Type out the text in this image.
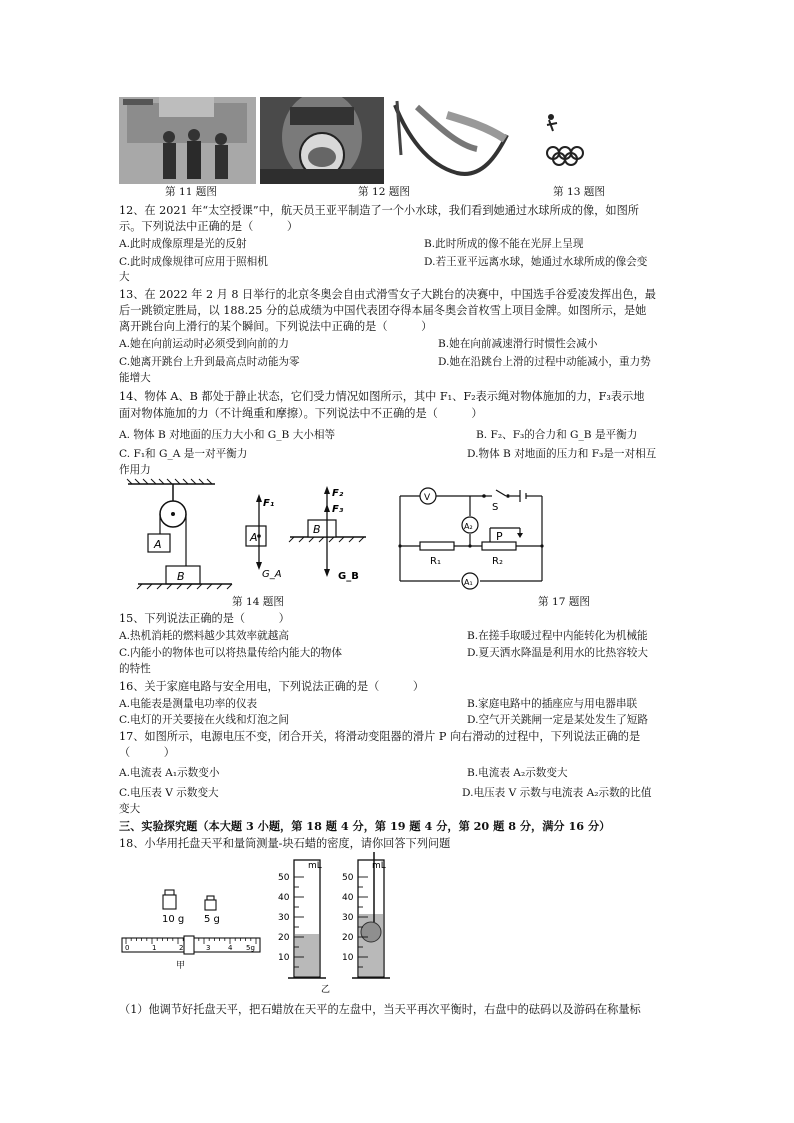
第 11 题图	第 12 题图	第 13 题图
12、在 2021 年“太空授课”中，航天员王亚平制造了一个小水球，我们看到她通过水球所成的像，如图所
示。下列说法中正确的是（　　　）
A.此时成像原理是光的反射	B.此时所成的像不能在光屏上呈现
C.此时成像规律可应用于照相机	D.若王亚平远离水球，她通过水球所成的像会变
大
13、在 2022 年 2 月 8 日举行的北京冬奥会自由式滑雪女子大跳台的决赛中，中国选手谷爱凌发挥出色，最
后一跳锁定胜局，以 188.25 分的总成绩为中国代表团夺得本届冬奥会首枚雪上项目金牌。如图所示，是她
离开跳台向上滑行的某个瞬间。下列说法中正确的是（　　　）
A.她在向前运动时必须受到向前的力	B.她在向前减速滑行时惯性会减小
C.她离开跳台上升到最高点时动能为零	D.她在沿跳台上滑的过程中动能减小，重力势
能增大
14、物体 A、B 都处于静止状态，它们受力情况如图所示，其中 F₁、F₂表示绳对物体施加的力，F₃表示地
面对物体施加的力（不计绳重和摩擦）。下列说法中不正确的是（　　　）
A. 物体 B 对地面的压力大小和 G_B 大小相等	B. F₂、F₃的合力和 G_B 是平衡力
C. F₁和 G_A 是一对平衡力	D.物体 B 对地面的压力和 F₃是一对相互
作用力
A
B
A
F₁
G_A
B
F₂
F₃
G_B
V
S
A₂
R₁
P
R₂
A₁
第 14 题图	第 17 题图
15、下列说法正确的是（　　　）
A.热机消耗的燃料越少其效率就越高	B.在搓手取暖过程中内能转化为机械能
C.内能小的物体也可以将热量传给内能大的物体	D.夏天洒水降温是利用水的比热容较大
的特性
16、关于家庭电路与安全用电，下列说法正确的是（　　　）
A.电能表是测量电功率的仪表	B.家庭电路中的插座应与用电器串联
C.电灯的开关要接在火线和灯泡之间	D.空气开关跳闸一定是某处发生了短路
17、如图所示，电源电压不变，闭合开关，将滑动变阻器的滑片 P 向右滑动的过程中，下列说法正确的是
（　　　）
A.电流表 A₁示数变小	B.电流表 A₂示数变大
C.电压表 V 示数变大	D.电压表 V 示数与电流表 A₂示数的比值
变大
三、实验探究题（本大题 3 小题，第 18 题 4 分，第 19 题 4 分，第 20 题 8 分，满分 16 分）
18、小华用托盘天平和量筒测量-块石蜡的密度，请你回答下列问题
10 g 5 g
0	1	2	3	4 5g
甲
mL
50
40
30
20
10
mL
50
40
30
20
10
乙
（1）他调节好托盘天平，把石蜡放在天平的左盘中，当天平再次平衡时，右盘中的砝码以及游码在称量标
